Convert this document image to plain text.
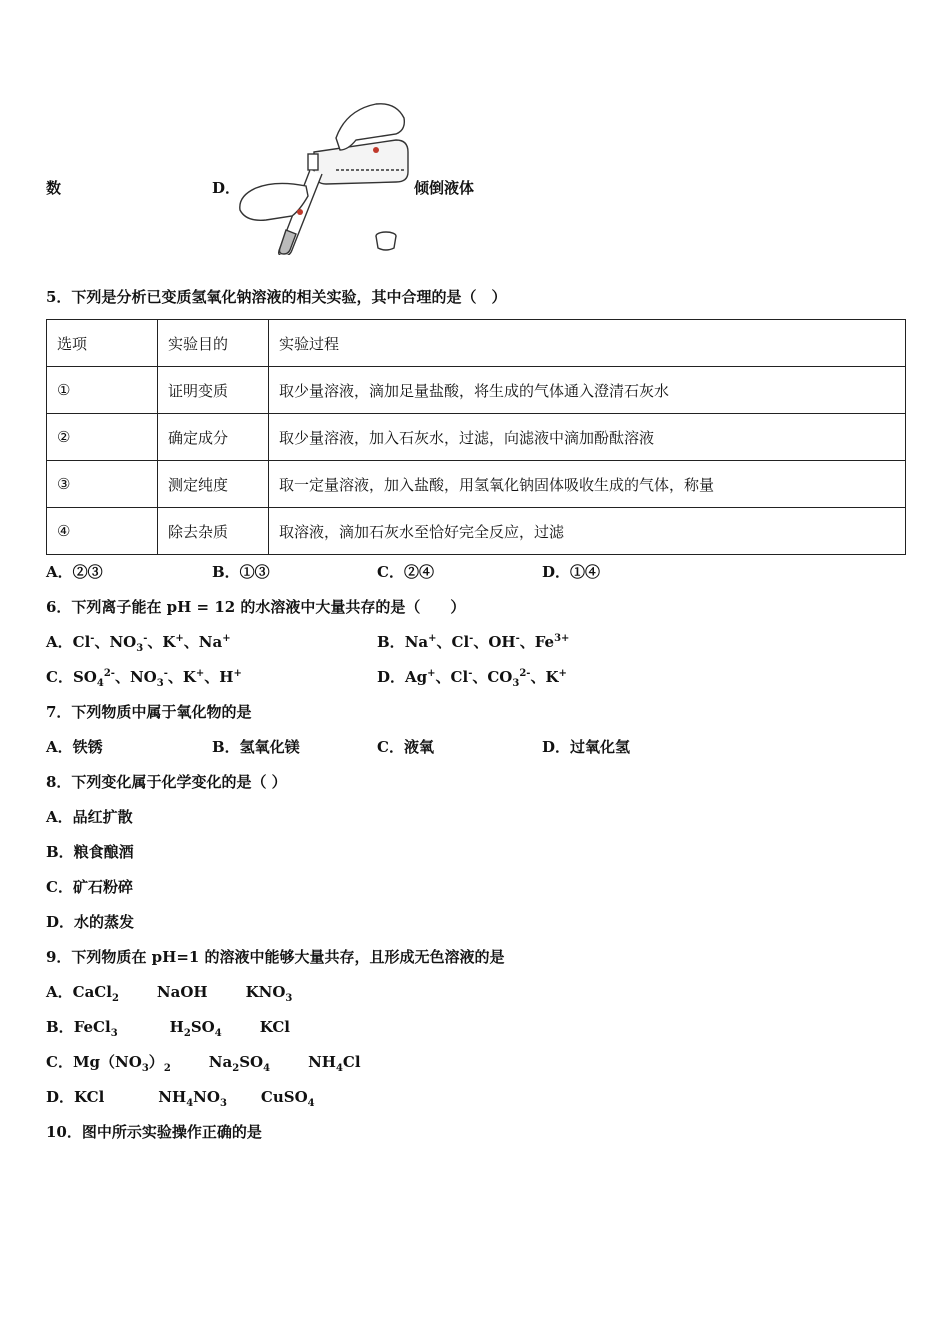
数	D．	倾倒液体
5．下列是分析已变质氢氧化钠溶液的相关实验，其中合理的是（　）
选项	实验目的	实验过程
①	证明变质	取少量溶液，滴加足量盐酸，将生成的气体通入澄清石灰水
②	确定成分	取少量溶液，加入石灰水，过滤，向滤液中滴加酚酞溶液
③	测定纯度	取一定量溶液，加入盐酸，用氢氧化钠固体吸收生成的气体，称量
④	除去杂质	取溶液，滴加石灰水至恰好完全反应，过滤
A．②③	B．①③	C．②④	D．①④
6．下列离子能在 pH = 12 的水溶液中大量共存的是（　　）
A．Cl-、$NO_3^-$、K+、Na+	B．Na+、Cl-、OH-、$Fe^{3+}$
C．$SO_4^{2-}$、$NO_3^-$、K+、H+	D．Ag+、Cl-、$CO_3^{2-}$、K+
7．下列物质中属于氧化物的是
A．铁锈	B．氢氧化镁	C．液氧	D．过氧化氢
8．下列变化属于化学变化的是（ ）
A．品红扩散
B．粮食酿酒
C．矿石粉碎
D．水的蒸发
9．下列物质在 pH=1 的溶液中能够大量共存，且形成无色溶液的是
A．CaCl$_2$	NaOH	$KNO_3$
B．FeCl$_3$	$H_2SO_4$	KCl
C．$Mg(NO_3)_2$	$Na_2SO_4$	$NH_4Cl$
D．KCl	$NH_4NO_3$ CuSO$_4$
10．图中所示实验操作正确的是
